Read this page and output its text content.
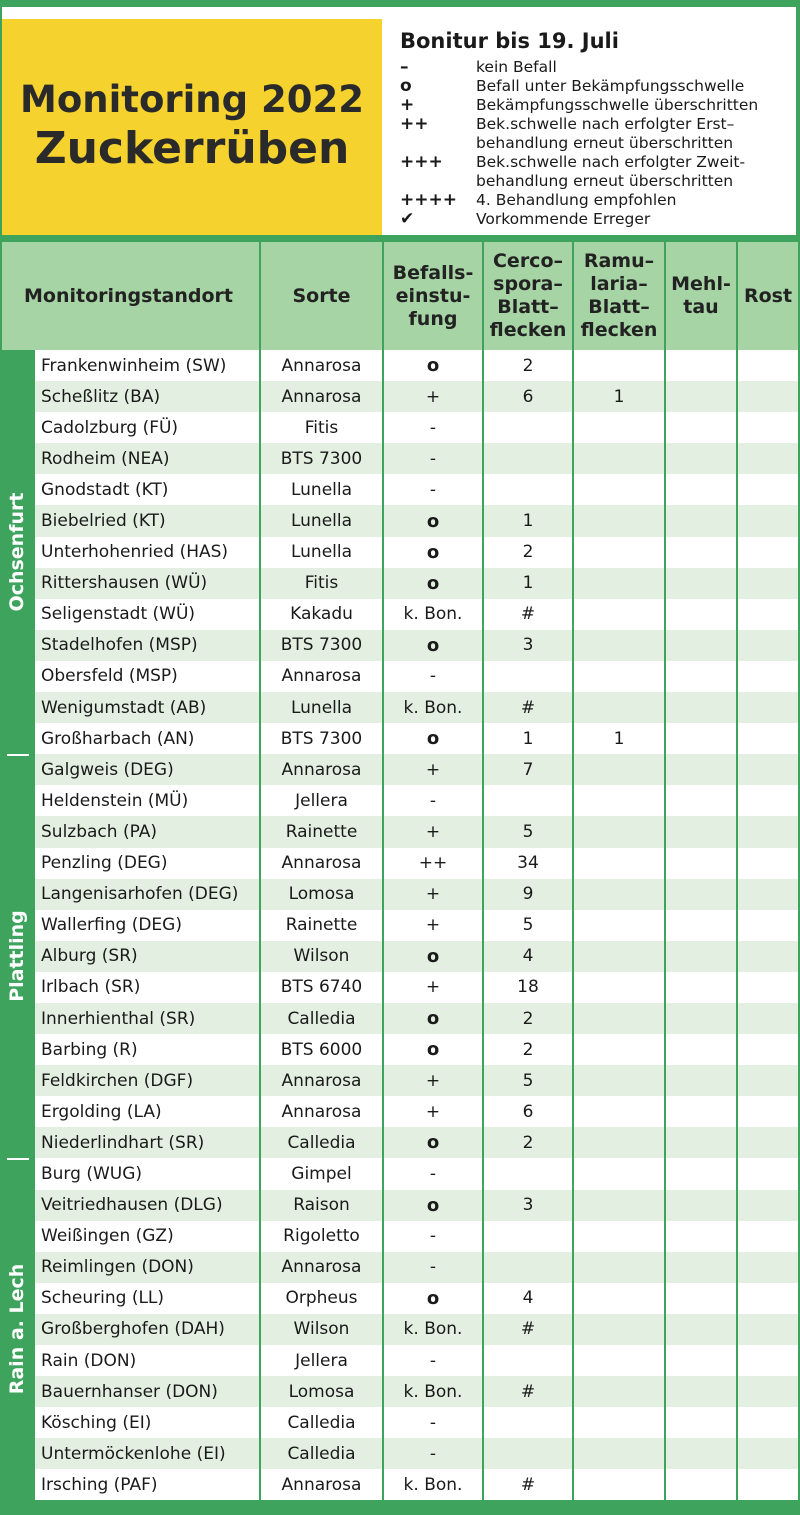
Monitoring 2022
Zuckerrüben
Bonitur bis 19. Juli
–	kein Befall
o	Befall unter Bekämpfungsschwelle
+	Bekämpfungsschwelle überschritten
++	Bek.schwelle nach erfolgter Erst–
behandlung erneut überschritten
+++	Bek.schwelle nach erfolgter Zweit-
behandlung erneut überschritten
++++	4. Behandlung empfohlen
✔	Vorkommende Erreger
Monitoringstandort		Sorte	Befalls-
einstu-
fung	Cerco–
spora–
Blatt–
flecken	Ramu–
laria–
Blatt–
flecken	Mehl-
tau	Rost

Ochsenfurt	Frankenwinheim (SW)	Annarosa	o	2			
	Scheßlitz (BA)	Annarosa	+	6	1		
	Cadolzburg (FÜ)	Fitis	-				
	Rodheim (NEA)	BTS 7300	-				
	Gnodstadt (KT)	Lunella	-				
	Biebelried (KT)	Lunella	o	1			
	Unterhohenried (HAS)	Lunella	o	2			
	Rittershausen (WÜ)	Fitis	o	1			
	Seligenstadt (WÜ)	Kakadu	k. Bon.	#			
	Stadelhofen (MSP)	BTS 7300	o	3			
	Obersfeld (MSP)	Annarosa	-				
	Wenigumstadt (AB)	Lunella	k. Bon.	#			
	Großharbach (AN)	BTS 7300	o	1	1		

Plattling	Galgweis (DEG)	Annarosa	+	7			
	Heldenstein (MÜ)	Jellera	-				
	Sulzbach (PA)	Rainette	+	5			
	Penzling (DEG)	Annarosa	++	34			
	Langenisarhofen (DEG)	Lomosa	+	9			
	Wallerfing (DEG)	Rainette	+	5			
	Alburg (SR)	Wilson	o	4			
	Irlbach (SR)	BTS 6740	+	18			
	Innerhienthal (SR)	Calledia	o	2			
	Barbing (R)	BTS 6000	o	2			
	Feldkirchen (DGF)	Annarosa	+	5			
	Ergolding (LA)	Annarosa	+	6			
	Niederlindhart (SR)	Calledia	o	2			

Rain a. Lech	Burg (WUG)	Gimpel	-				
	Veitriedhausen (DLG)	Raison	o	3			
	Weißingen (GZ)	Rigoletto	-				
	Reimlingen (DON)	Annarosa	-				
	Scheuring (LL)	Orpheus	o	4			
	Großberghofen (DAH)	Wilson	k. Bon.	#			
	Rain (DON)	Jellera	-				
	Bauernhanser (DON)	Lomosa	k. Bon.	#			
	Kösching (EI)	Calledia	-				
	Untermöckenlohe (EI)	Calledia	-				
	Irsching (PAF)	Annarosa	k. Bon.	#			
